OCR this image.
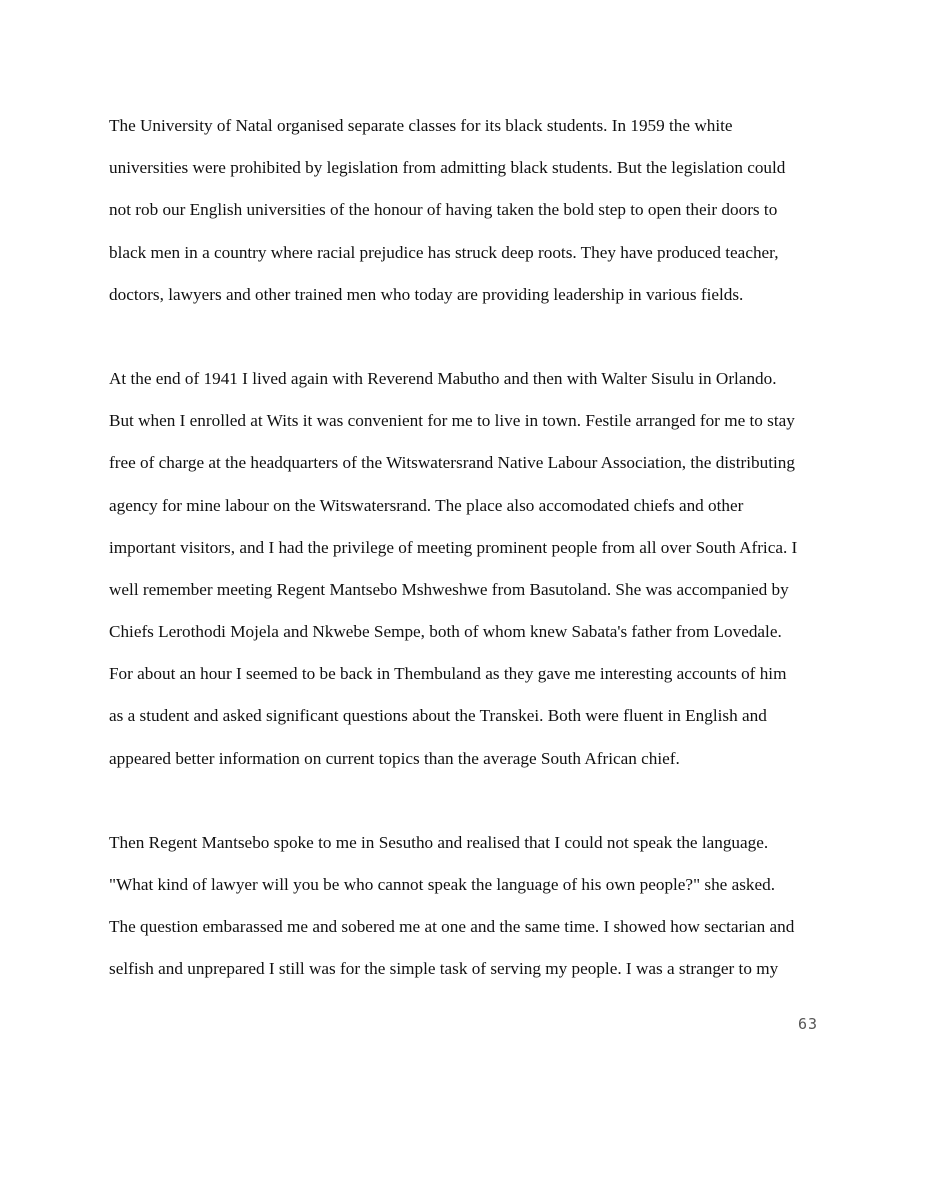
The University of Natal organised separate classes for its black students. In 1959 the white
universities were prohibited by legislation from admitting black students. But the legislation could
not rob our English universities of the honour of having taken the bold step to open their doors to
black men in a country where racial prejudice has struck deep roots. They have produced teacher,
doctors, lawyers and other trained men who today are providing leadership in various fields.

At the end of 1941 I lived again with Reverend Mabutho and then with Walter Sisulu in Orlando.
But when I enrolled at Wits it was convenient for me to live in town. Festile arranged for me to stay
free of charge at the headquarters of the Witswatersrand Native Labour Association, the distributing
agency for mine labour on the Witswatersrand. The place also accomodated chiefs and other
important visitors, and I had the privilege of meeting prominent people from all over South Africa. I
well remember meeting Regent Mantsebo Mshweshwe from Basutoland. She was accompanied by
Chiefs Lerothodi Mojela and Nkwebe Sempe, both of whom knew Sabata's father from Lovedale.
For about an hour I seemed to be back in Thembuland as they gave me interesting accounts of him
as a student and asked significant questions about the Transkei. Both were fluent in English and
appeared better information on current topics than the average South African chief.

Then Regent Mantsebo spoke to me in Sesutho and realised that I could not speak the language.
"What kind of lawyer will you be who cannot speak the language of his own people?" she asked.
The question embarassed me and sobered me at one and the same time. I showed how sectarian and
selfish and unprepared I still was for the simple task of serving my people. I was a stranger to my

63
